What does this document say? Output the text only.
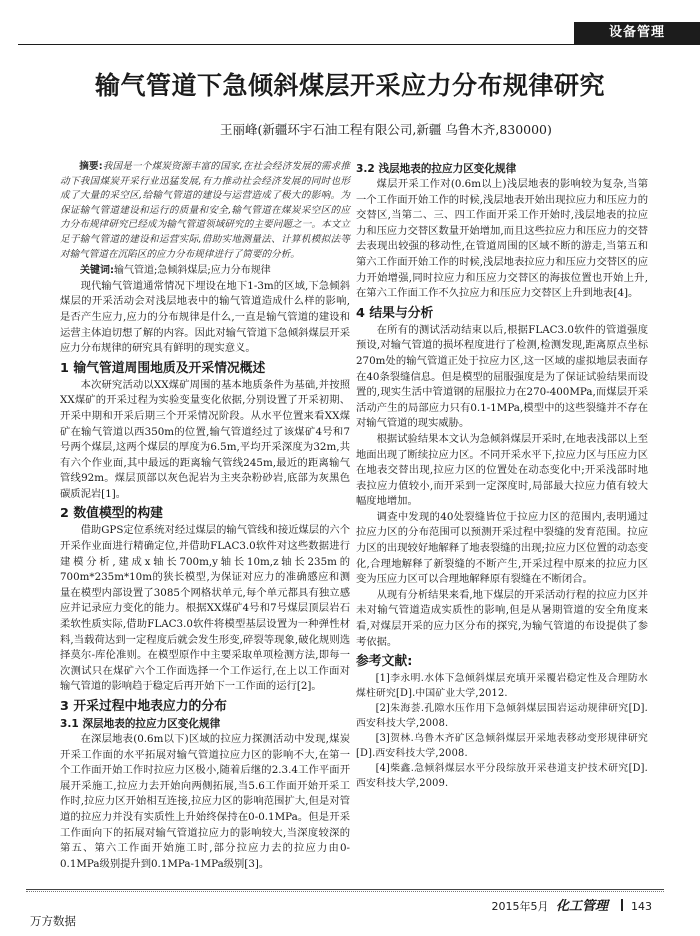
设备管理
输气管道下急倾斜煤层开采应力分布规律研究
王丽峰(新疆环宇石油工程有限公司,新疆 乌鲁木齐,830000)

摘要:我国是一个煤炭资源丰富的国家,在社会经济发展的需求推动下我国煤炭开采行业迅猛发展,有力推动社会经济发展的同时也形成了大量的采空区,给输气管道的建设与运营造成了极大的影响。为保证输气管道建设和运行的质量和安全,输气管道在煤炭采空区的应力分布规律研究已经成为输气管道领域研究的主要问题之一。本文立足于输气管道的建设和运营实际,借助实地测量法、计算机模拟法等对输气管道在沉陷区的应力分布规律进行了简要的分析。

关键词:输气管道;急倾斜煤层;应力分布规律

现代输气管道通常情况下埋设在地下1-3m的区域,下急倾斜煤层的开采活动会对浅层地表中的输气管道造成什么样的影响,是否产生应力,应力的分布规律是什么,一直是输气管道的建设和运营主体迫切想了解的内容。因此对输气管道下急倾斜煤层开采应力分布规律的研究具有鲜明的现实意义。

1 输气管道周围地质及开采情况概述

本次研究活动以XX煤矿周围的基本地质条件为基础,并按照XX煤矿的开采过程为实验变量变化依据,分别设置了开采初期、开采中期和开采后期三个开采情况阶段。从水平位置来看XX煤矿在输气管道以西350m的位置,输气管道经过了该煤矿4号和7号两个煤层,这两个煤层的厚度为6.5m,平均开采深度为32m,共有六个作业面,其中最远的距离输气管线245m,最近的距离输气管线92m。煤层顶部以灰色泥岩为主夹杂粉砂岩,底部为灰黑色碳质泥岩[1]。

2 数值模型的构建

借助GPS定位系统对经过煤层的输气管线和接近煤层的六个开采作业面进行精确定位,并借助FLAC3.0软件对这些数据进行建模分析,建成x轴长700m,y轴长10m,z轴长235m的700m*235m*10m的狭长模型,为保证对应力的准确感应和测量在模型内部设置了3085个网格状单元,每个单元都具有独立感应并记录应力变化的能力。根据XX煤矿4号和7号煤层顶层岩石柔软性质实际,借助FLAC3.0软件将模型基层设置为一种弹性材料,当载荷达到一定程度后就会发生形变,碎裂等现象,破化规则选择莫尔-库伦准则。在模型原作中主要采取单项检测方法,即每一次测试只在煤矿六个工作面选择一个工作运行,在上以工作面对输气管道的影响趋于稳定后再开始下一工作面的运行[2]。

3 开采过程中地表应力的分布
3.1 深层地表的拉应力区变化规律

在深层地表(0.6m以下)区域的拉应力探测活动中发现,煤炭开采工作面的水平拓展对输气管道拉应力区的影响不大,在第一个工作面开始工作时拉应力区极小,随着后继的2.3.4工作平面开展开采施工,拉应力去开始向两侧拓展,当5.6工作面开始开采工作时,拉应力区开始相互连接,拉应力区的影响范围扩大,但是对管道的拉应力并没有实质性上升始终保持在0-0.1MPa。但是开采工作面向下的拓展对输气管道拉应力的影响较大,当深度较深的第五、第六工作面开始施工时,部分拉应力去的拉应力由0-0.1MPa级别提升到0.1MPa-1MPa级别[3]。

3.2 浅层地表的拉应力区变化规律

煤层开采工作对(0.6m以上)浅层地表的影响较为复杂,当第一个工作面开始工作的时候,浅层地表开始出现拉应力和压应力的交替区,当第二、三、四工作面开采工作开始时,浅层地表的拉应力和压应力交替区数量开始增加,而且这些拉应力和压应力的交替去表现出较强的移动性,在管道周围的区域不断的游走,当第五和第六工作面开始工作的时候,浅层地表拉应力和压应力交替区的应力开始增强,同时拉应力和压应力交替区的海拔位置也开始上升,在第六工作面工作不久拉应力和压应力交替区上升到地表[4]。

4 结果与分析

在所有的测试活动结束以后,根据FLAC3.0软件的管道强度预设,对输气管道的损坏程度进行了检测,检测发现,距离原点坐标270m处的输气管道正处于拉应力区,这一区域的虚拟地层表面存在40条裂缝信息。但是模型的屈服强度是为了保证试验结果而设置的,现实生活中管道钢的屈服拉力在270-400MPa,而煤层开采活动产生的局部应力只有0.1-1MPa,模型中的这些裂缝并不存在对输气管道的现实威胁。

根据试验结果本文认为急倾斜煤层开采时,在地表浅部以上至地面出现了断续拉应力区。不同开采水平下,拉应力区与压应力区在地表交替出现,拉应力区的位置处在动态变化中;开采浅部时地表拉应力值较小,而开采到一定深度时,局部最大拉应力值有较大幅度地增加。

调查中发现的40处裂缝皆位于拉应力区的范围内,表明通过拉应力区的分布范围可以预测开采过程中裂缝的发育范围。拉应力区的出现较好地解释了地表裂缝的出现;拉应力区位置的动态变化,合理地解释了新裂缝的不断产生,开采过程中原来的拉应力区变为压应力区可以合理地解释原有裂缝在不断闭合。

从现有分析结果来看,地下煤层的开采活动行程的拉应力区并未对输气管道造成实质性的影响,但是从暑期管道的安全角度来看,对煤层开采的应力区分布的探究,为输气管道的布设提供了参考依据。

参考文献:

[1]李永明.水体下急倾斜煤层充填开采覆岩稳定性及合理防水煤柱研究[D].中国矿业大学,2012.

[2]朱海荟.孔隙水压作用下急倾斜煤层围岩运动规律研究[D].西安科技大学,2008.

[3]贺林.乌鲁木齐矿区急倾斜煤层开采地表移动变形规律研究[D].西安科技大学,2008.

[4]柴鑫.急倾斜煤层水平分段综放开采巷道支护技术研究[D].西安科技大学,2009.

2015年5月 化工管理 143
万方数据
